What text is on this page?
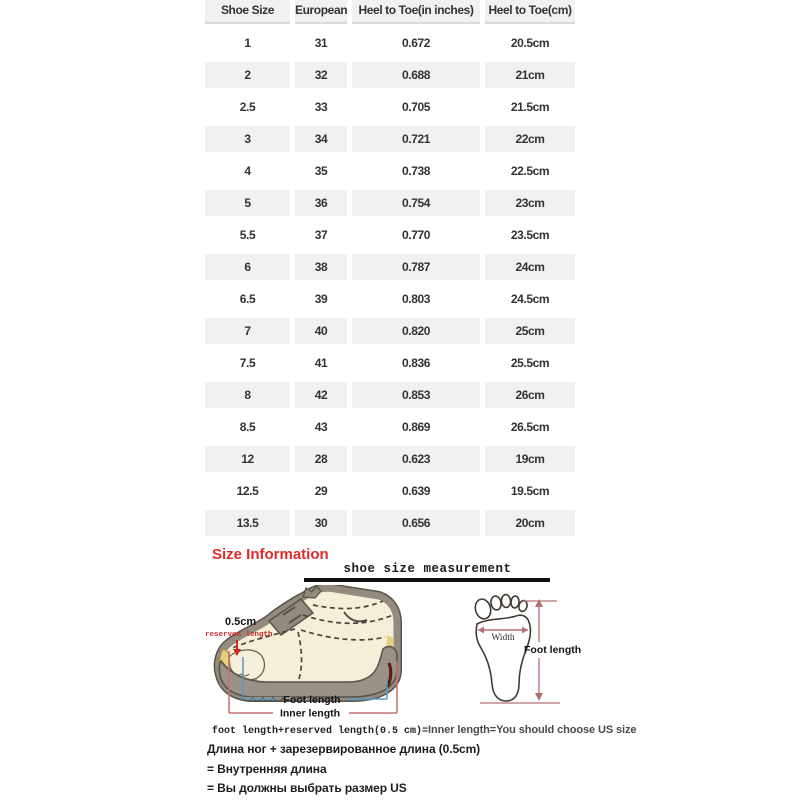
Shoe Size	European	Heel to Toe(in inches)	Heel to Toe(cm)
1	31	0.672	20.5cm
2	32	0.688	21cm
2.5	33	0.705	21.5cm
3	34	0.721	22cm
4	35	0.738	22.5cm
5	36	0.754	23cm
5.5	37	0.770	23.5cm
6	38	0.787	24cm
6.5	39	0.803	24.5cm
7	40	0.820	25cm
7.5	41	0.836	25.5cm
8	42	0.853	26cm
8.5	43	0.869	26.5cm
12	28	0.623	19cm
12.5	29	0.639	19.5cm
13.5	30	0.656	20cm
Size Information
shoe size measurement
0.5cm
reserved length
Foot length
Inner length
Width
Foot length
foot length+reserved length(0.5 cm)=Inner length=You should choose US size
Длина ног + зарезервированное длина (0.5cm)
= Внутренняя длина
= Вы должны выбрать размер US
